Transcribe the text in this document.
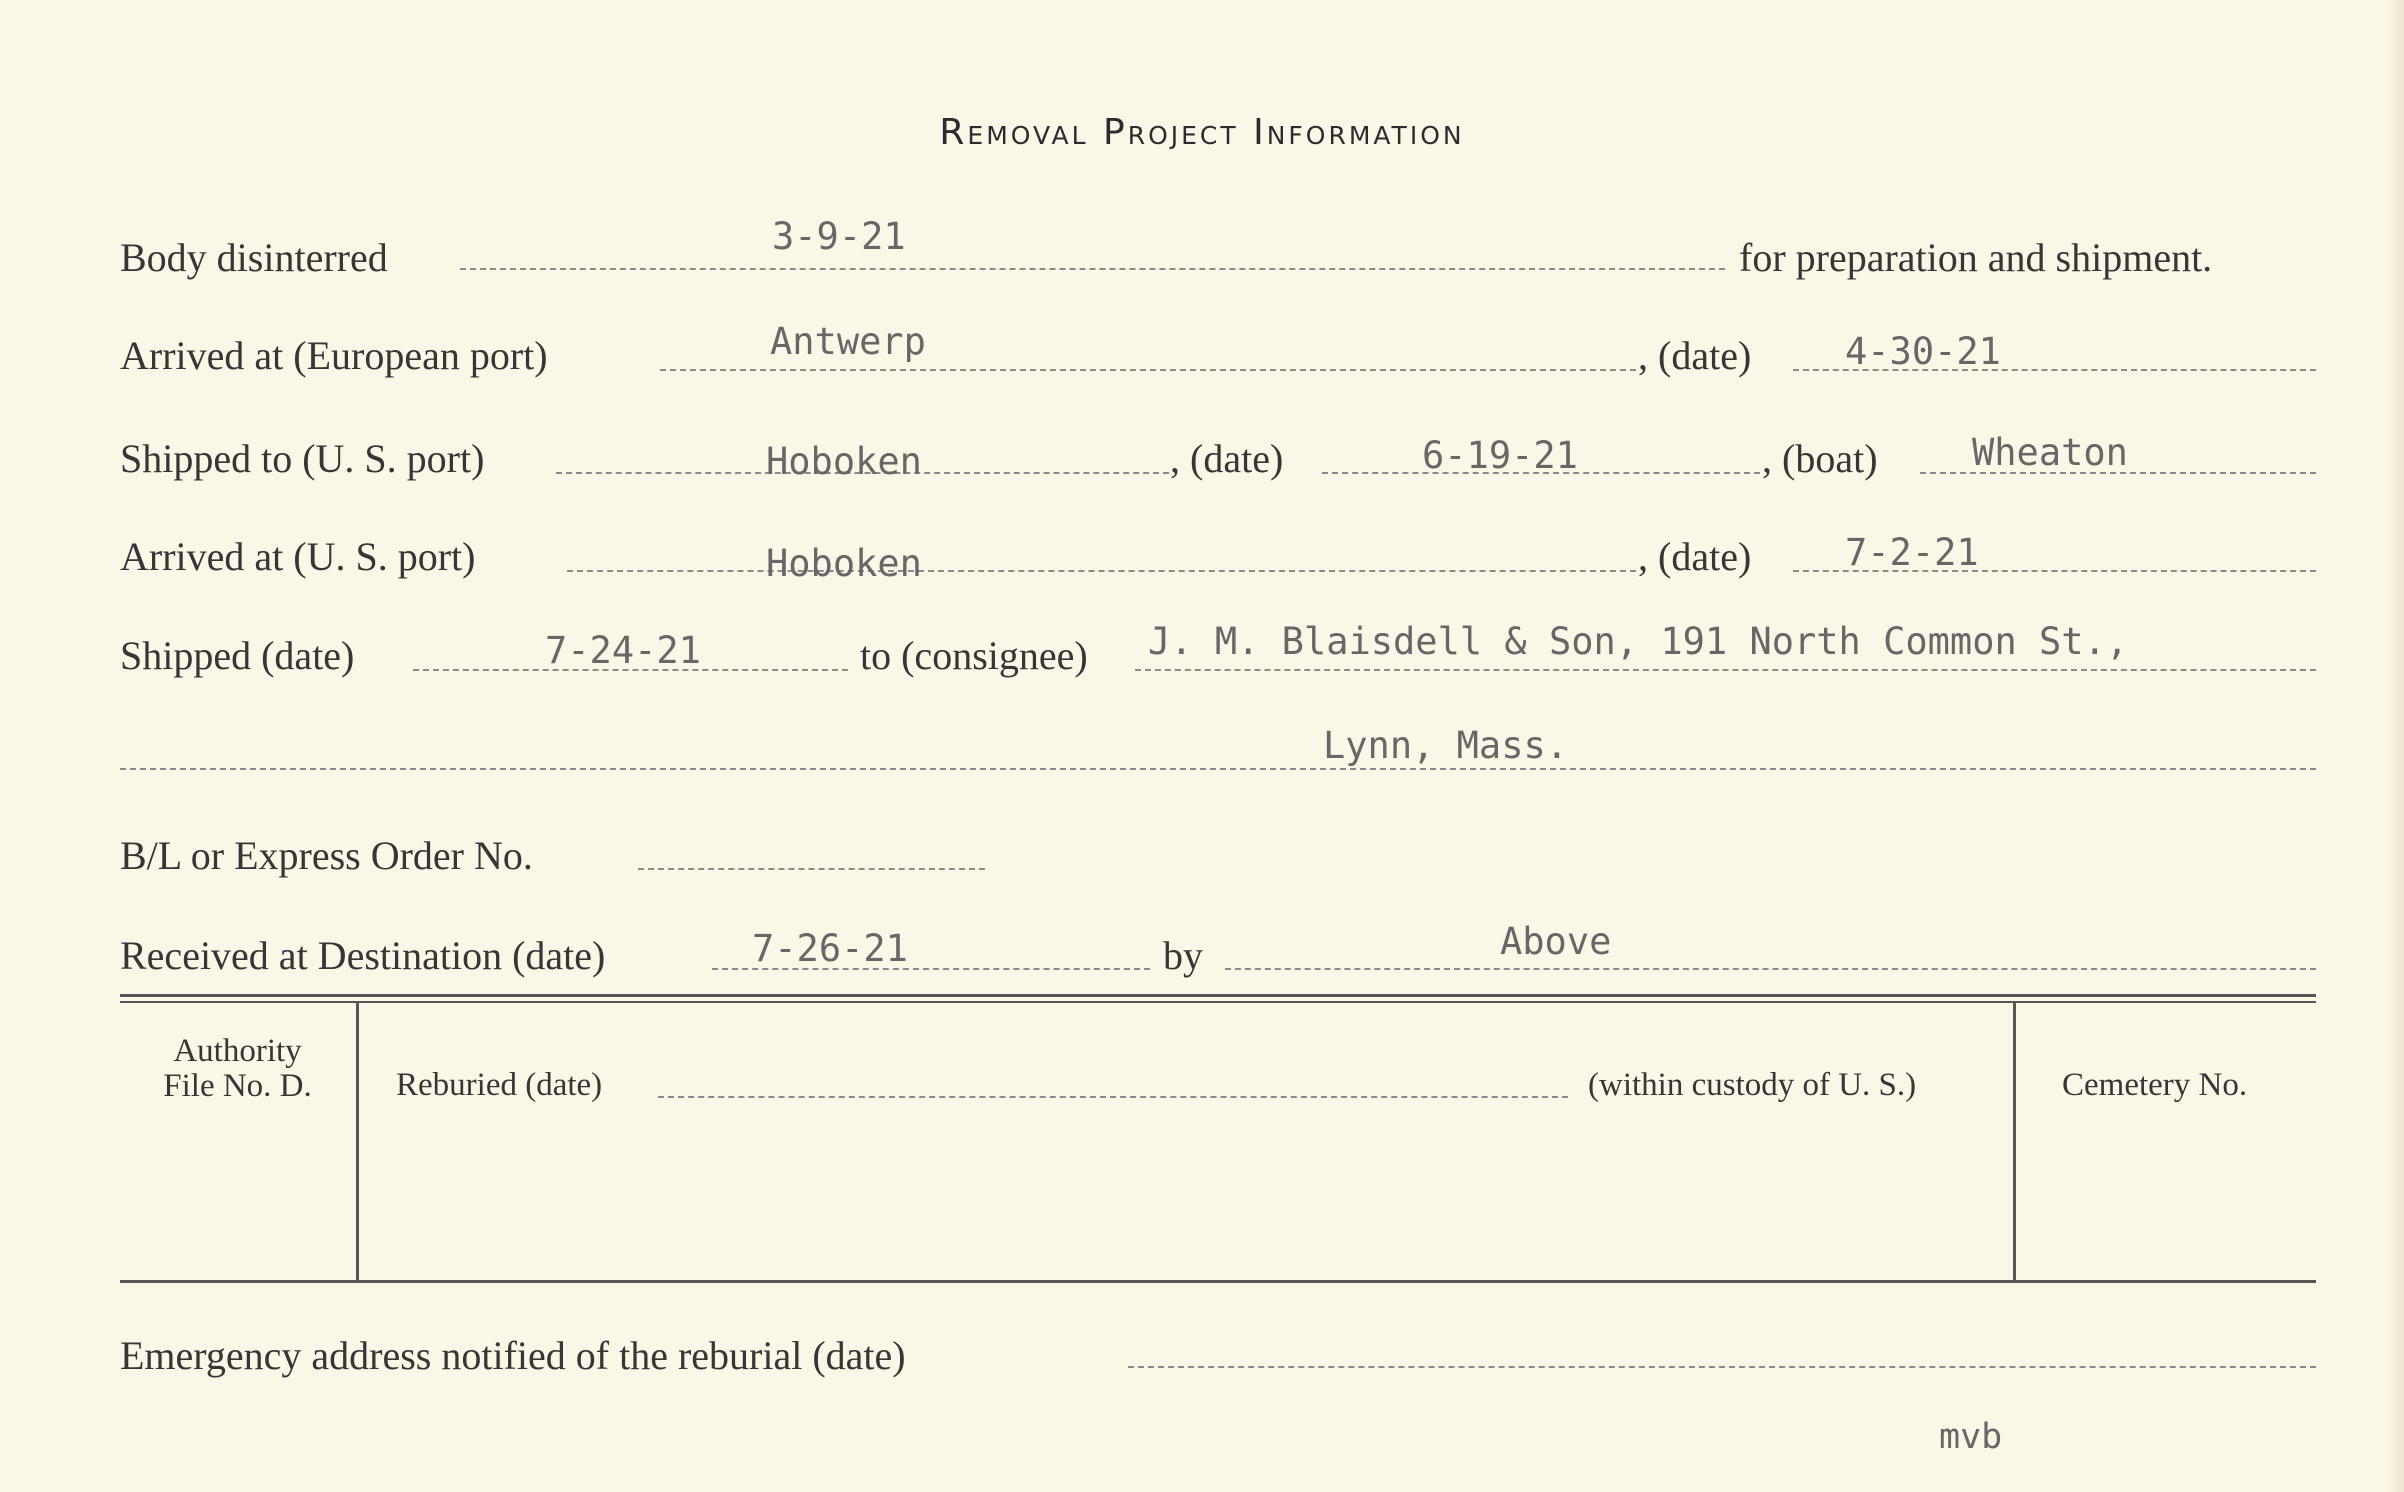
Removal Project Information
Body disinterred	3-9-21	for preparation and shipment.
Arrived at (European port)	Antwerp	, (date)	4-30-21
Shipped to (U. S. port)	Hoboken	, (date)	6-19-21	, (boat)	Wheaton
Arrived at (U. S. port)	Hoboken	, (date)	7-2-21
Shipped (date)	7-24-21	to (consignee) J. M. Blaisdell & Son, 191 North Common St.,
Lynn, Mass.
B/L or Express Order No.
Received at Destination (date)	7-26-21	by	Above
Authority
File No. D.	Reburied (date)	(within custody of U. S.)	Cemetery No.
Emergency address notified of the reburial (date)
mvb
